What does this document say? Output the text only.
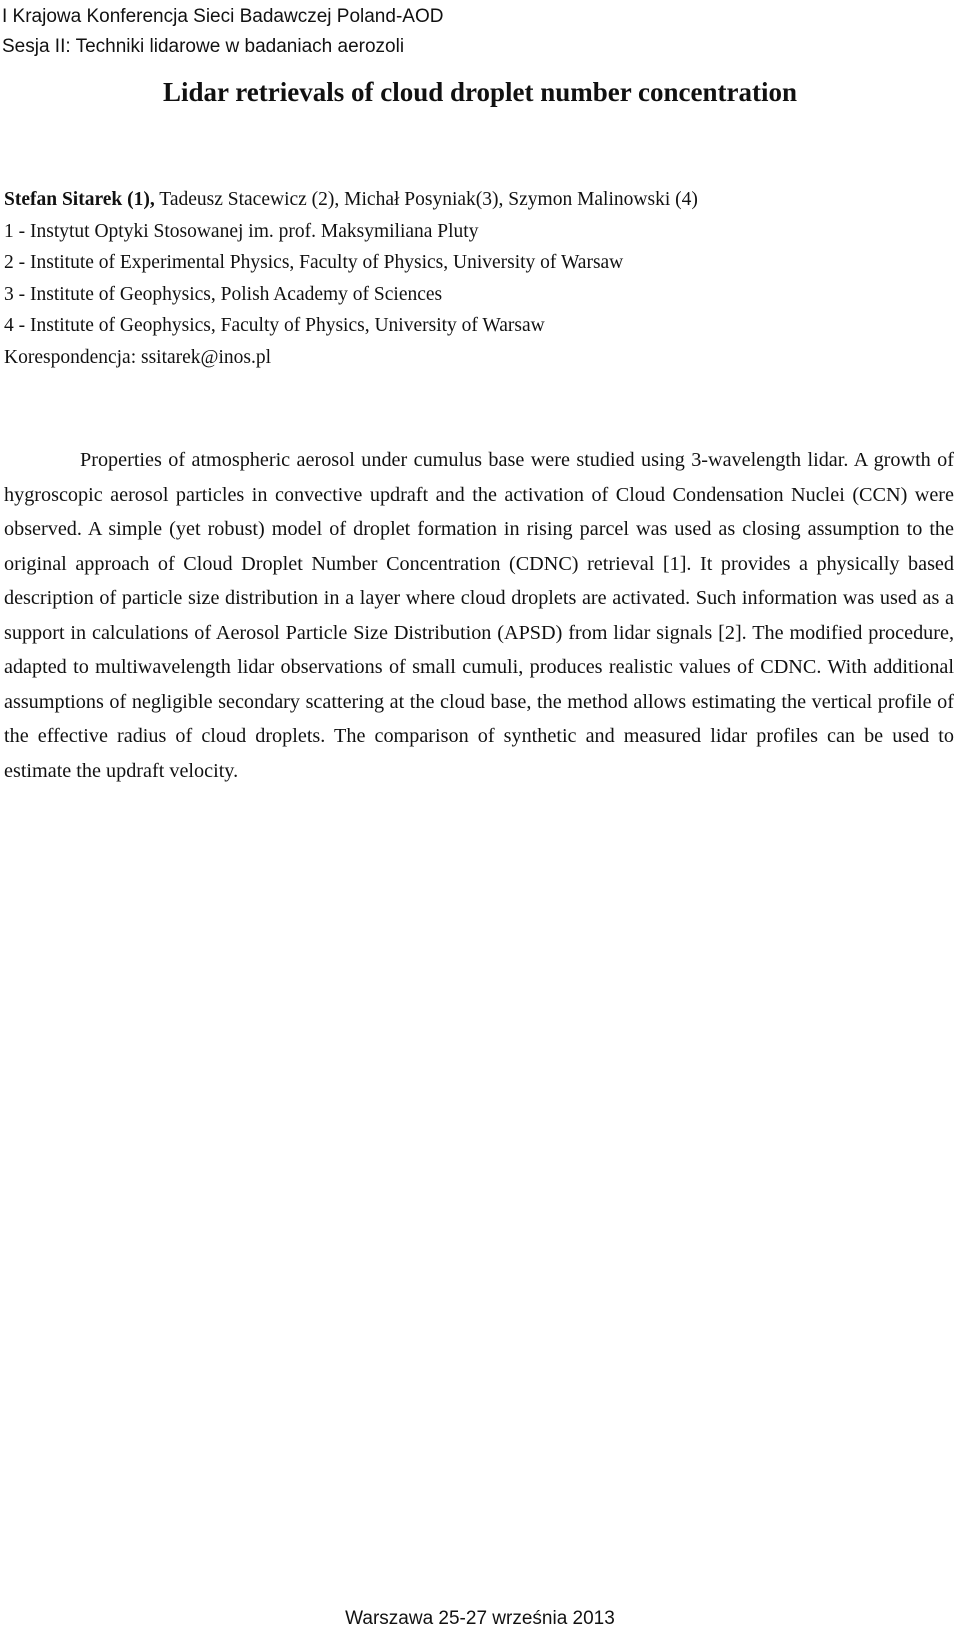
I Krajowa Konferencja Sieci Badawczej Poland-AOD
Sesja II: Techniki lidarowe w badaniach aerozoli
Lidar retrievals of cloud droplet number concentration
Stefan Sitarek (1), Tadeusz Stacewicz (2), Michał Posyniak(3), Szymon Malinowski (4)
1 - Instytut Optyki Stosowanej im. prof. Maksymiliana Pluty
2 - Institute of Experimental Physics, Faculty of Physics, University of Warsaw
3 - Institute of Geophysics, Polish Academy of Sciences
4 - Institute of Geophysics, Faculty of Physics, University of Warsaw
Korespondencja: ssitarek@inos.pl

Properties of atmospheric aerosol under cumulus base were studied using 3-wavelength lidar. A growth of hygroscopic aerosol particles in convective updraft and the activation of Cloud Condensation Nuclei (CCN) were observed. A simple (yet robust) model of droplet formation in rising parcel was used as closing assumption to the original approach of Cloud Droplet Number Concentration (CDNC) retrieval [1]. It provides a physically based description of particle size distribution in a layer where cloud droplets are activated. Such information was used as a support in calculations of Aerosol Particle Size Distribution (APSD) from lidar signals [2]. The modified procedure, adapted to multiwavelength lidar observations of small cumuli, produces realistic values of CDNC. With additional assumptions of negligible secondary scattering at the cloud base, the method allows estimating the vertical profile of the effective radius of cloud droplets. The comparison of synthetic and measured lidar profiles can be used to estimate the updraft velocity.

Warszawa 25-27 września 2013
